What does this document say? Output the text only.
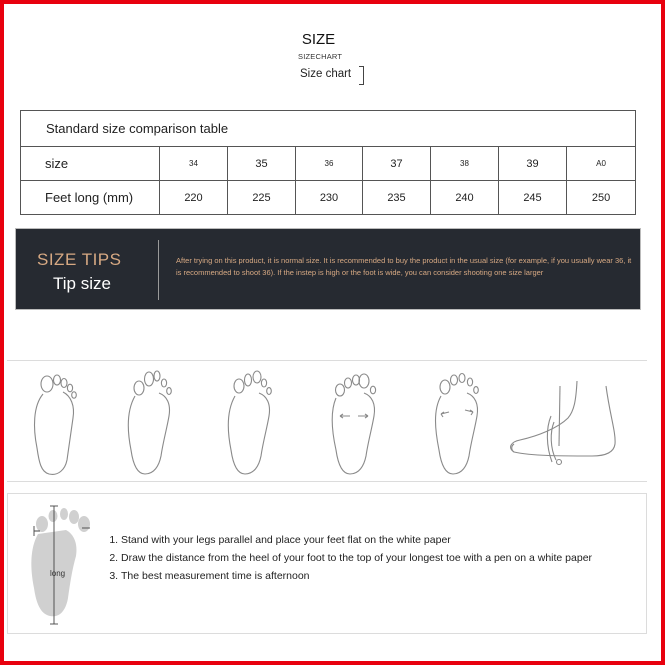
SIZE
SIZECHART
Size chart
Standard size comparison table							
size	34	35	36	37	38	39	A0
Feet long (mm)	220	225	230	235	240	245	250
SIZE TIPS
Tip size
After trying on this product, it is normal size. It is recommended to buy the product in the usual size (for example, if you usually wear 36, it is recommended to shoot 36). If the instep is high or the foot is wide, you can consider shooting one size larger
long
1. Stand with your legs parallel and place your feet flat on the white paper
2. Draw the distance from the heel of your foot to the top of your longest toe with a pen on a white paper
3. The best measurement time is afternoon
